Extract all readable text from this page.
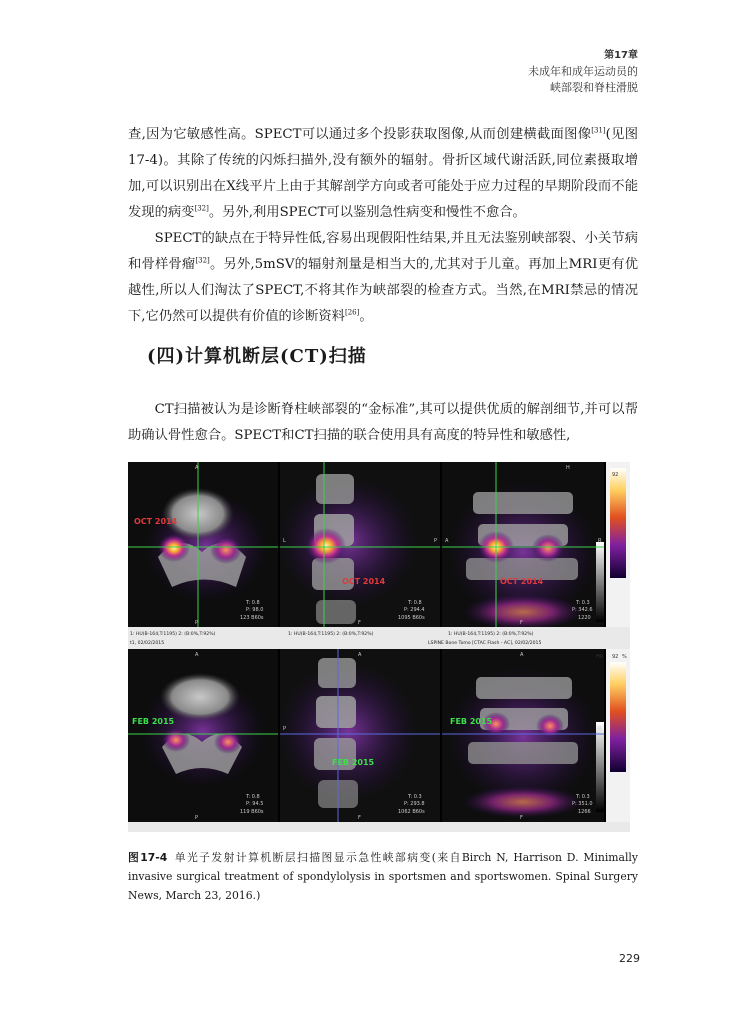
第17章
未成年和成年运动员的
峡部裂和脊柱滑脱

查,因为它敏感性高。SPECT可以通过多个投影获取图像,从而创建横截面图像[31](见图17-4)。其除了传统的闪烁扫描外,没有额外的辐射。骨折区域代谢活跃,同位素摄取增加,可以识别出在X线平片上由于其解剖学方向或者可能处于应力过程的早期阶段而不能发现的病变[32]。另外,利用SPECT可以鉴别急性病变和慢性不愈合。

SPECT的缺点在于特异性低,容易出现假阳性结果,并且无法鉴别峡部裂、小关节病和骨样骨瘤[32]。另外,5mSV的辐射剂量是相当大的,尤其对于儿童。再加上MRI更有优越性,所以人们淘汰了SPECT,不将其作为峡部裂的检查方式。当然,在MRI禁忌的情况下,它仍然可以提供有价值的诊断资料[26]。

(四)计算机断层(CT)扫描

CT扫描被认为是诊断脊柱峡部裂的“金标准”,其可以提供优质的解剖细节,并可以帮助确认骨性愈合。SPECT和CT扫描的联合使用具有高度的特异性和敏感性,

OCT 2014
OCT 2014	OCT 2014
A	H
L	P A	R
P	F	F
T: 0.8
P: 98.0
123 B60s
T: 0.8
P: 294.4
1095 B60s
T: 0.3
P: 342.6
1220
92
1: HU(B-164,T:1195) 2: (B:0%,T:92%)	1: HU(B-164,T:1195) 2: (B:0%,T:92%)	1: HU(B-164,T:1195) 2: (B:0%,T:92%)
t1, 02/02/2015	LSPINE Bone Tomo [CTAC Flash - AC], 02/02/2015
FEB 2015
FEB 2015
FEB 2015
A	A	A
P	R
P	F	F
T: 0.8
P: 94.5
119 B60s
T: 0.3
P: 293.8
1062 B60s
T: 0.3
P: 351.0
1266
HU 92 %

图17-4 单光子发射计算机断层扫描图显示急性峡部病变(来自Birch N, Harrison D. Minimally invasive surgical treatment of spondylolysis in sportsmen and sportswomen. Spinal Surgery News, March 23, 2016.)

229
